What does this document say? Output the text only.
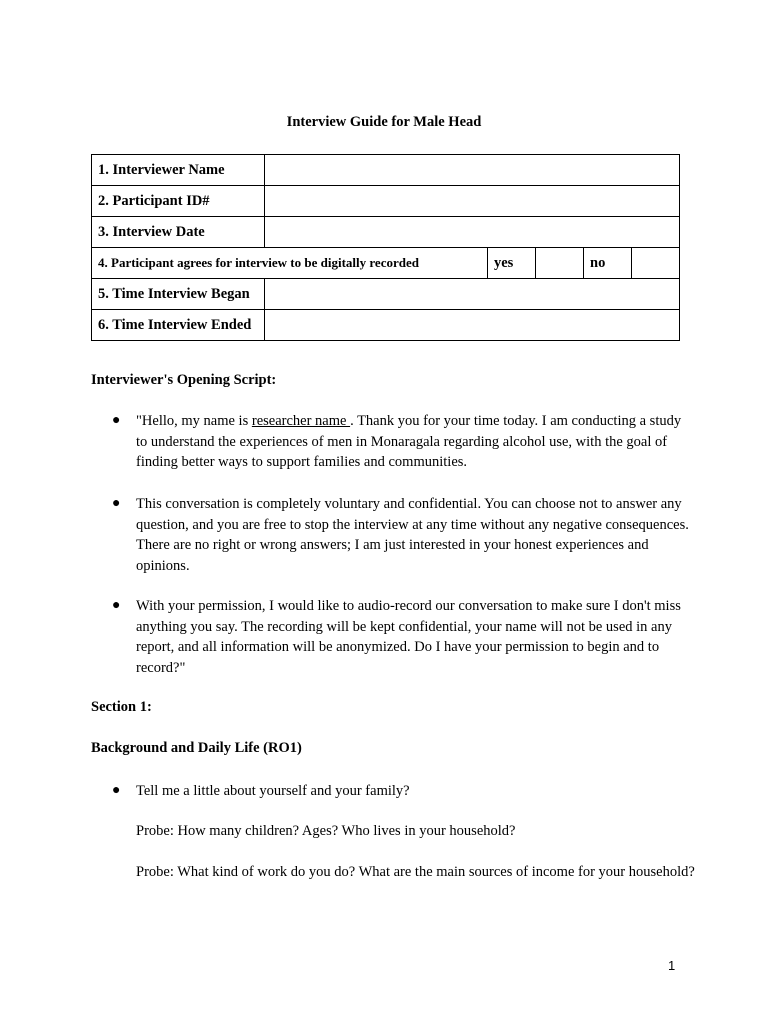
Interview Guide for Male Head
1. Interviewer Name					
2. Participant ID#					
3. Interview Date					
4. Participant agrees for interview to be digitally recorded		yes		no	
5. Time Interview Began					
6. Time Interview Ended					
Interviewer's Opening Script:
● "Hello, my name is researcher name . Thank you for your time today. I am conducting a study to understand the experiences of men in Monaragala regarding alcohol use, with the goal of finding better ways to support families and communities.
● This conversation is completely voluntary and confidential. You can choose not to answer any question, and you are free to stop the interview at any time without any negative consequences. There are no right or wrong answers; I am just interested in your honest experiences and opinions.
● With your permission, I would like to audio-record our conversation to make sure I don't miss anything you say. The recording will be kept confidential, your name will not be used in any report, and all information will be anonymized. Do I have your permission to begin and to record?"
Section 1:
Background and Daily Life (RO1)
● Tell me a little about yourself and your family?
Probe: How many children? Ages? Who lives in your household?
Probe: What kind of work do you do? What are the main sources of income for your household?
1
